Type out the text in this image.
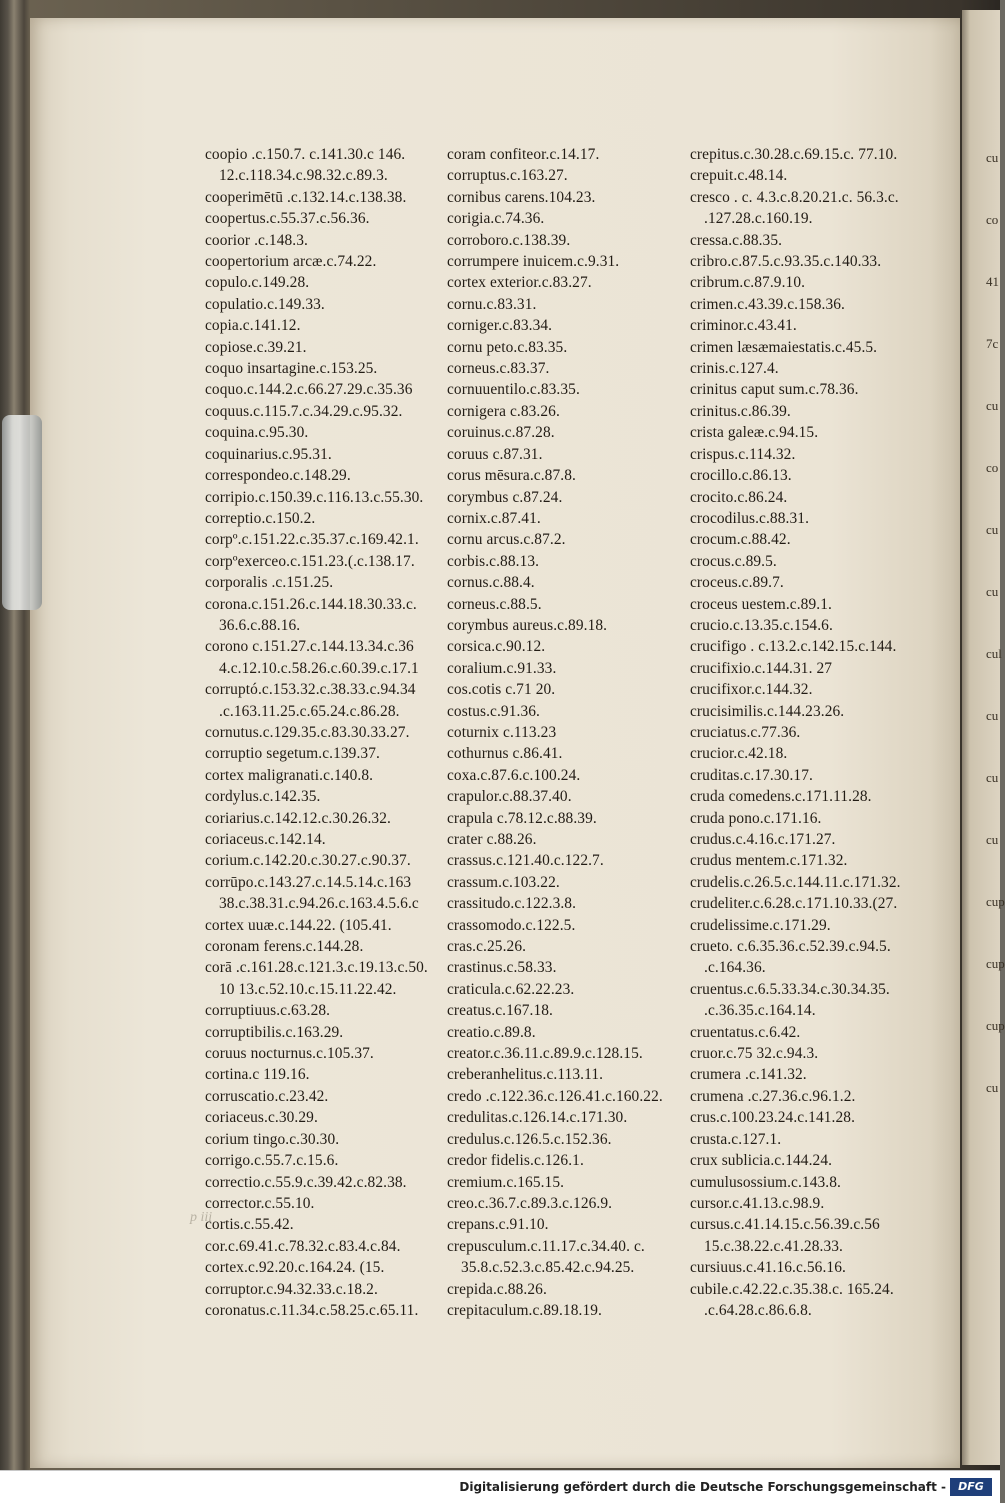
cu
co
41
7c
cu
co
cu
cu
cul
cu
cu
cu
cup
cup
cup
cu
coopio .c.150.7. c.141.30.c 146.
12.c.118.34.c.98.32.c.89.3.
cooperimētū .c.132.14.c.138.38.
coopertus.c.55.37.c.56.36.
coorior .c.148.3.
coopertorium arcæ.c.74.22.
copulo.c.149.28.
copulatio.c.149.33.
copia.c.141.12.
copiose.c.39.21.
coquo insartagine.c.153.25.
coquo.c.144.2.c.66.27.29.c.35.36
coquus.c.115.7.c.34.29.c.95.32.
coquina.c.95.30.
coquinarius.c.95.31.
correspondeo.c.148.29.
corripio.c.150.39.c.116.13.c.55.30.
correptio.c.150.2.
corpº.c.151.22.c.35.37.c.169.42.1.
corpºexerceo.c.151.23.(.c.138.17.
corporalis .c.151.25.
corona.c.151.26.c.144.18.30.33.c.
36.6.c.88.16.
corono c.151.27.c.144.13.34.c.36
4.c.12.10.c.58.26.c.60.39.c.17.1
corruptó.c.153.32.c.38.33.c.94.34
.c.163.11.25.c.65.24.c.86.28.
cornutus.c.129.35.c.83.30.33.27.
corruptio segetum.c.139.37.
cortex maligranati.c.140.8.
cordylus.c.142.35.
coriarius.c.142.12.c.30.26.32.
coriaceus.c.142.14.
corium.c.142.20.c.30.27.c.90.37.
corrūpo.c.143.27.c.14.5.14.c.163
38.c.38.31.c.94.26.c.163.4.5.6.c
cortex uuæ.c.144.22. (105.41.
coronam ferens.c.144.28.
corā .c.161.28.c.121.3.c.19.13.c.50.
10 13.c.52.10.c.15.11.22.42.
corruptiuus.c.63.28.
corruptibilis.c.163.29.
coruus nocturnus.c.105.37.
cortina.c 119.16.
corruscatio.c.23.42.
coriaceus.c.30.29.
corium tingo.c.30.30.
corrigo.c.55.7.c.15.6.
correctio.c.55.9.c.39.42.c.82.38.
corrector.c.55.10.
cortis.c.55.42.
cor.c.69.41.c.78.32.c.83.4.c.84.
cortex.c.92.20.c.164.24. (15.
corruptor.c.94.32.33.c.18.2.
coronatus.c.11.34.c.58.25.c.65.11.
coram confiteor.c.14.17.
corruptus.c.163.27.
cornibus carens.104.23.
corigia.c.74.36.
corroboro.c.138.39.
corrumpere inuicem.c.9.31.
cortex exterior.c.83.27.
cornu.c.83.31.
corniger.c.83.34.
cornu peto.c.83.35.
corneus.c.83.37.
cornuuentilo.c.83.35.
cornigera c.83.26.
coruinus.c.87.28.
coruus c.87.31.
corus mēsura.c.87.8.
corymbus c.87.24.
cornix.c.87.41.
cornu arcus.c.87.2.
corbis.c.88.13.
cornus.c.88.4.
corneus.c.88.5.
corymbus aureus.c.89.18.
corsica.c.90.12.
coralium.c.91.33.
cos.cotis c.71 20.
costus.c.91.36.
coturnix c.113.23
cothurnus c.86.41.
coxa.c.87.6.c.100.24.
crapulor.c.88.37.40.
crapula c.78.12.c.88.39.
crater c.88.26.
crassus.c.121.40.c.122.7.
crassum.c.103.22.
crassitudo.c.122.3.8.
crassomodo.c.122.5.
cras.c.25.26.
crastinus.c.58.33.
craticula.c.62.22.23.
creatus.c.167.18.
creatio.c.89.8.
creator.c.36.11.c.89.9.c.128.15.
creberanhelitus.c.113.11.
credo .c.122.36.c.126.41.c.160.22.
credulitas.c.126.14.c.171.30.
credulus.c.126.5.c.152.36.
credor fidelis.c.126.1.
cremium.c.165.15.
creo.c.36.7.c.89.3.c.126.9.
crepans.c.91.10.
crepusculum.c.11.17.c.34.40. c.
35.8.c.52.3.c.85.42.c.94.25.
crepida.c.88.26.
crepitaculum.c.89.18.19.
crepitus.c.30.28.c.69.15.c. 77.10.
crepuit.c.48.14.
cresco . c. 4.3.c.8.20.21.c. 56.3.c.
.127.28.c.160.19.
cressa.c.88.35.
cribro.c.87.5.c.93.35.c.140.33.
cribrum.c.87.9.10.
crimen.c.43.39.c.158.36.
criminor.c.43.41.
crimen læsæmaiestatis.c.45.5.
crinis.c.127.4.
crinitus caput sum.c.78.36.
crinitus.c.86.39.
crista galeæ.c.94.15.
crispus.c.114.32.
crocillo.c.86.13.
crocito.c.86.24.
crocodilus.c.88.31.
crocum.c.88.42.
crocus.c.89.5.
croceus.c.89.7.
croceus uestem.c.89.1.
crucio.c.13.35.c.154.6.
crucifigo . c.13.2.c.142.15.c.144.
crucifixio.c.144.31. 27
crucifixor.c.144.32.
crucisimilis.c.144.23.26.
cruciatus.c.77.36.
crucior.c.42.18.
cruditas.c.17.30.17.
cruda comedens.c.171.11.28.
cruda pono.c.171.16.
crudus.c.4.16.c.171.27.
crudus mentem.c.171.32.
crudelis.c.26.5.c.144.11.c.171.32.
crudeliter.c.6.28.c.171.10.33.(27.
crudelissime.c.171.29.
crueto. c.6.35.36.c.52.39.c.94.5.
.c.164.36.
cruentus.c.6.5.33.34.c.30.34.35.
.c.36.35.c.164.14.
cruentatus.c.6.42.
cruor.c.75 32.c.94.3.
crumera .c.141.32.
crumena .c.27.36.c.96.1.2.
crus.c.100.23.24.c.141.28.
crusta.c.127.1.
crux sublicia.c.144.24.
cumulusossium.c.143.8.
cursor.c.41.13.c.98.9.
cursus.c.41.14.15.c.56.39.c.56
15.c.38.22.c.41.28.33.
cursiuus.c.41.16.c.56.16.
cubile.c.42.22.c.35.38.c. 165.24.
.c.64.28.c.86.6.8.
p iii
Digitalisierung gefördert durch die Deutsche Forschungsgemeinschaft -	DFG
